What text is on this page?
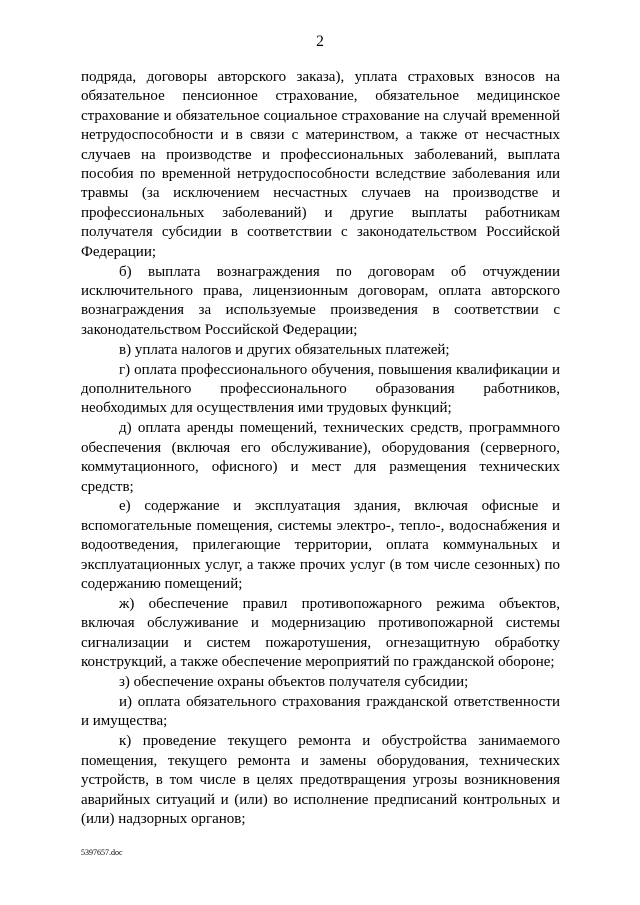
2

подряда, договоры авторского заказа), уплата страховых взносов на обязательное пенсионное страхование, обязательное медицинское страхование и обязательное социальное страхование на случай временной нетрудоспособности и в связи с материнством, а также от несчастных случаев на производстве и профессиональных заболеваний, выплата пособия по временной нетрудоспособности вследствие заболевания или травмы (за исключением несчастных случаев на производстве и профессиональных заболеваний) и другие выплаты работникам получателя субсидии в соответствии с законодательством Российской Федерации;

б) выплата вознаграждения по договорам об отчуждении исключительного права, лицензионным договорам, оплата авторского вознаграждения за используемые произведения в соответствии с законодательством Российской Федерации;

в) уплата налогов и других обязательных платежей;

г) оплата профессионального обучения, повышения квалификации и дополнительного профессионального образования работников, необходимых для осуществления ими трудовых функций;

д) оплата аренды помещений, технических средств, программного обеспечения (включая его обслуживание), оборудования (серверного, коммутационного, офисного) и мест для размещения технических средств;

е) содержание и эксплуатация здания, включая офисные и вспомогательные помещения, системы электро-, тепло-, водоснабжения и водоотведения, прилегающие территории, оплата коммунальных и эксплуатационных услуг, а также прочих услуг (в том числе сезонных) по содержанию помещений;

ж) обеспечение правил противопожарного режима объектов, включая обслуживание и модернизацию противопожарной системы сигнализации и систем пожаротушения, огнезащитную обработку конструкций, а также обеспечение мероприятий по гражданской обороне;

з) обеспечение охраны объектов получателя субсидии;

и) оплата обязательного страхования гражданской ответственности и имущества;

к) проведение текущего ремонта и обустройства занимаемого помещения, текущего ремонта и замены оборудования, технических устройств, в том числе в целях предотвращения угрозы возникновения аварийных ситуаций и (или) во исполнение предписаний контрольных и (или) надзорных органов;

5397657.doc
